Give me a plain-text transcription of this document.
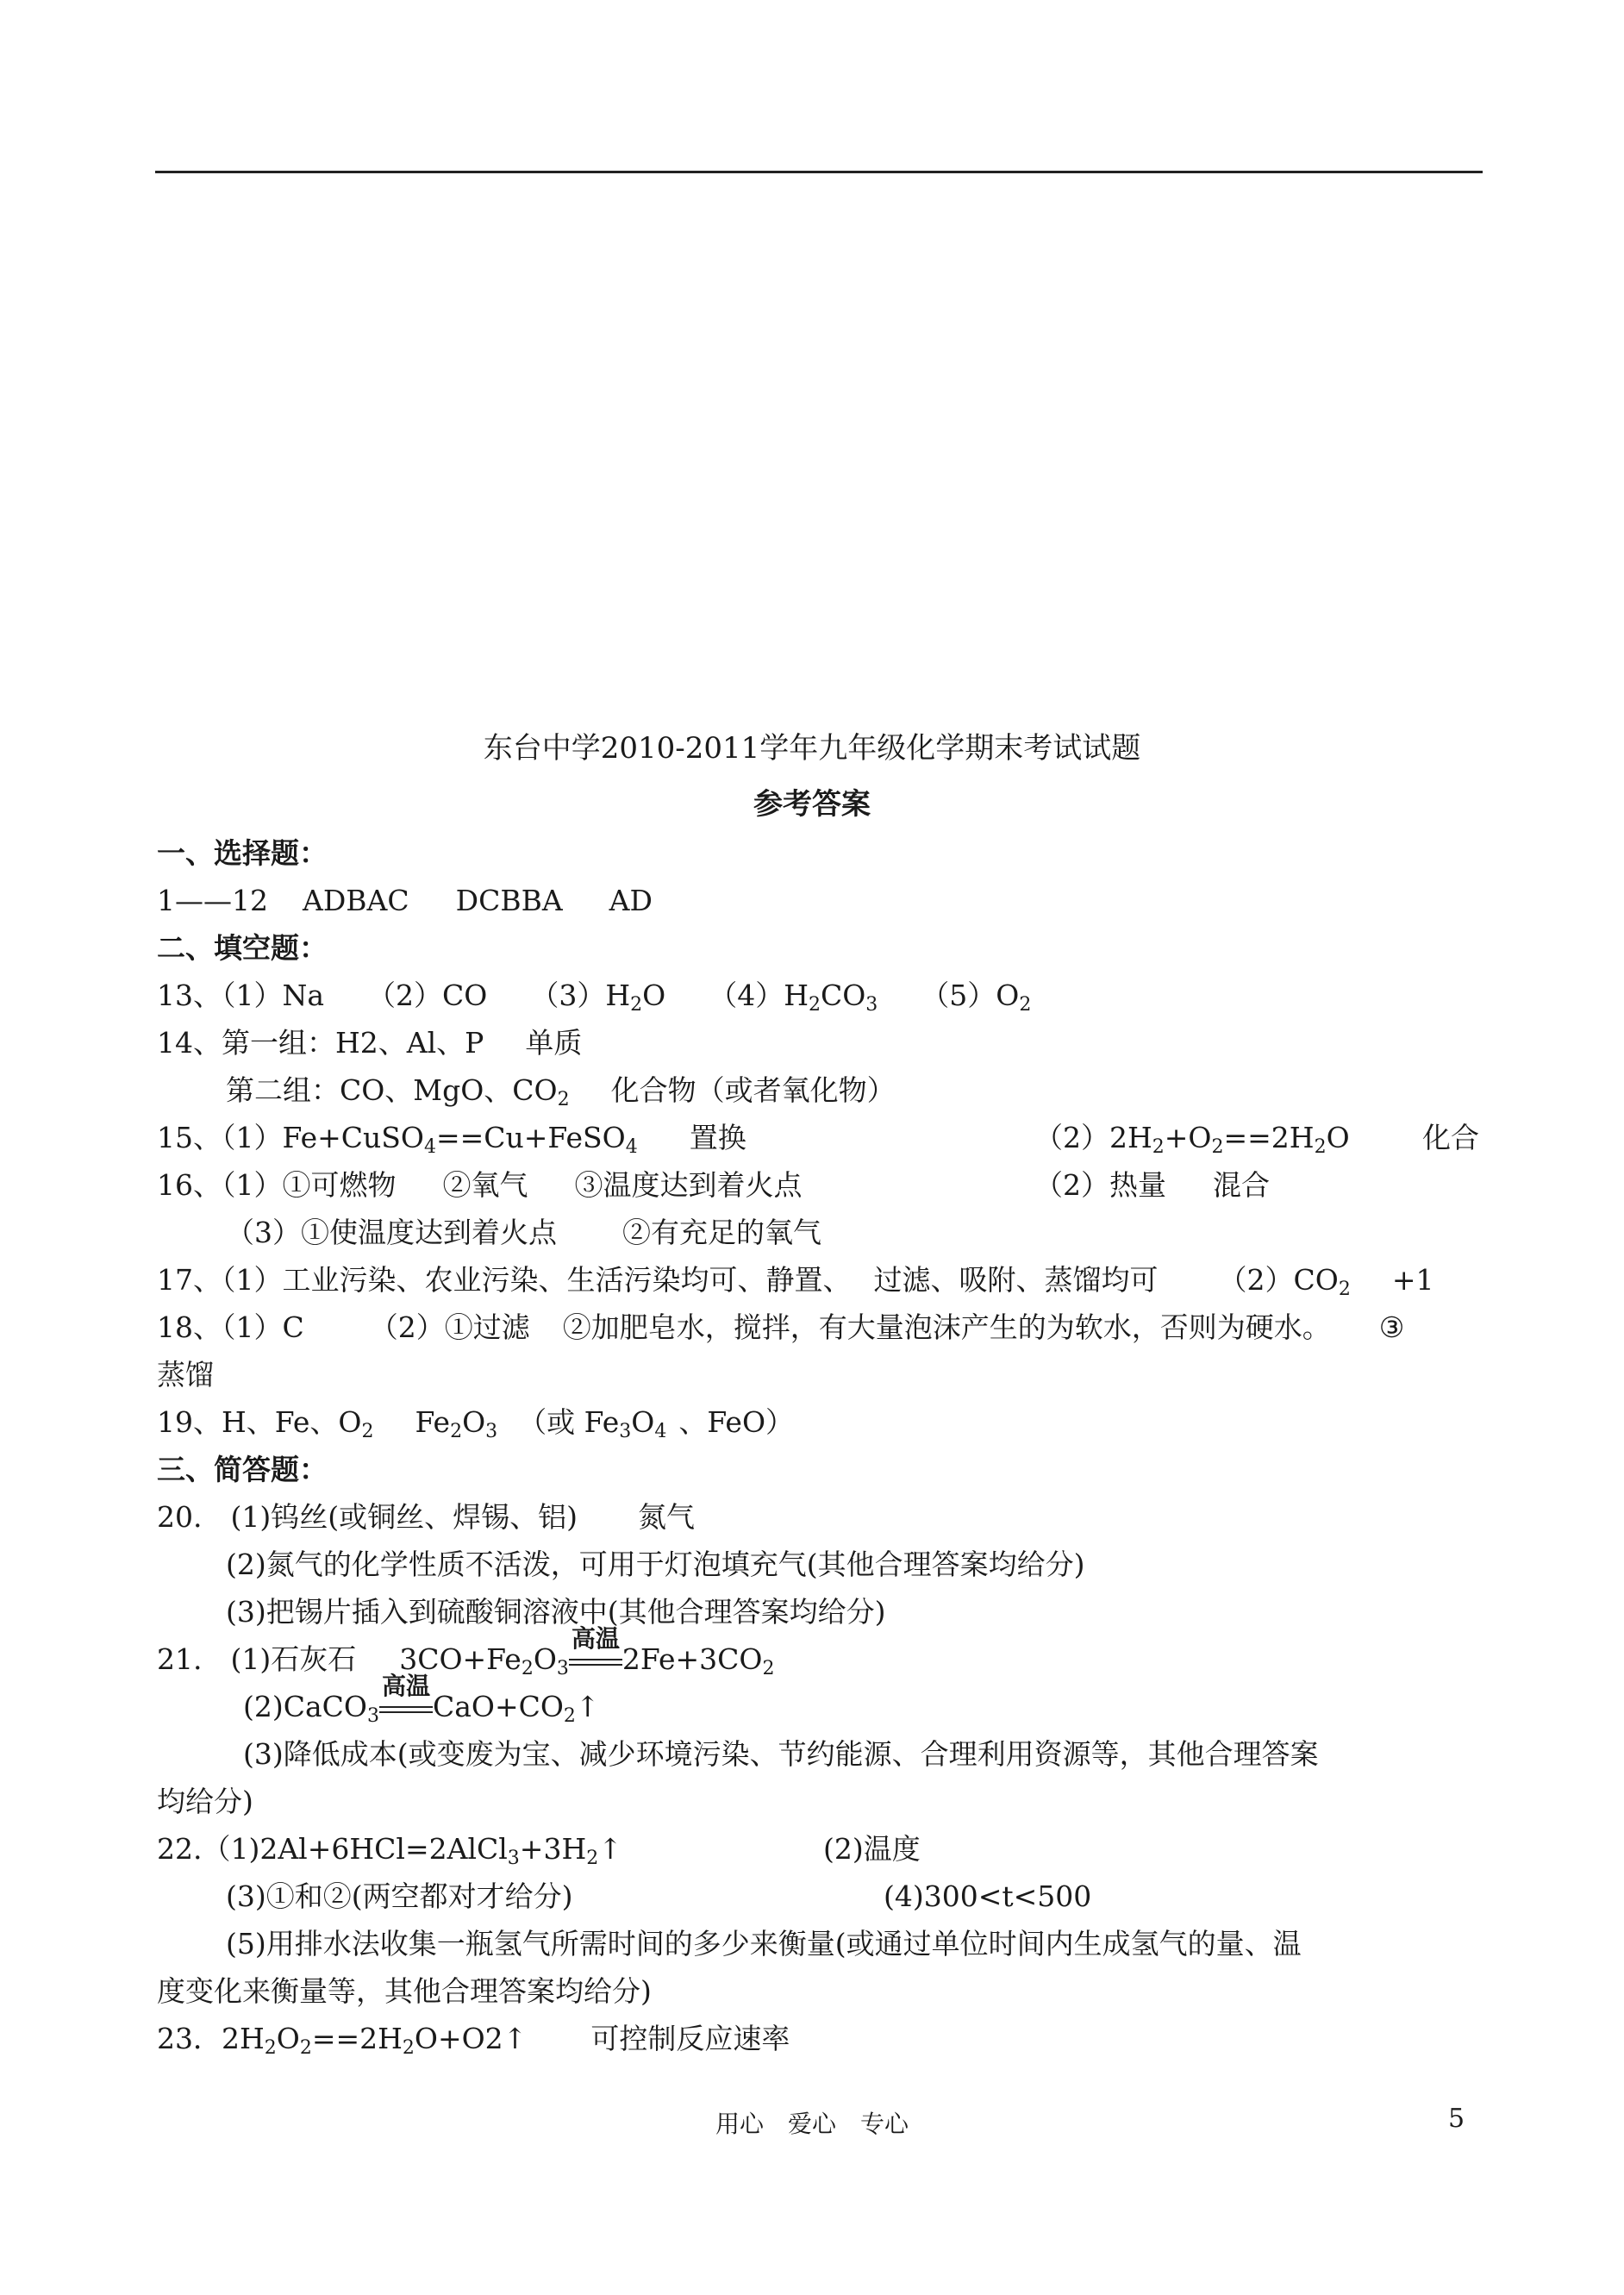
东台中学2010-2011学年九年级化学期末考试试题
参考答案
一、选择题：
1——12 ADBAC DCBBA AD
二、填空题：
13、（1）Na （2）CO $(3)H_2O$ $(4)H_2CO_3$ $(5)O_2$
14、第一组：H2、Al、P 单质
第二组：CO、MgO、$CO_2$ 化合物（或者氧化物）
15、（1）Fe+CuSO$_4$==Cu+FeSO$_4$ 置换	$(2)2H_2+O_2==2H_2O$	化合
16、（1）①可燃物 ②氧气 ③温度达到着火点	（2）热量 混合
（3）①使温度达到着火点 ②有充足的氧气
17、（1）工业污染、农业污染、生活污染均可、静置、 过滤、吸附、蒸馏均可 $(2)CO_2 +1$
18、（1）C （2）①过滤 ②加肥皂水，搅拌，有大量泡沫产生的为软水，否则为硬水。 ③
蒸馏
19、H、Fe、$O_2$ $Fe_2O_3$ （或 $Fe_3O_4$ 、FeO）
三、简答题：
20.　(1)钨丝(或铜丝、焊锡、铝) 氮气
(2)氮气的化学性质不活泼，可用于灯泡填充气(其他合理答案均给分)
(3)把锡片插入到硫酸铜溶液中(其他合理答案均给分)
21.　(1)石灰石 $3CO+Fe_2O_3$
高温
$2Fe+3CO_2$
(2)CaCO$_3$
高温
$CaO+CO_2↑$
(3)降低成本(或变废为宝、减少环境污染、节约能源、合理利用资源等，其他合理答案
均给分)
$22.(1)2Al+6HCl=2AlCl_3+3H_2↑$	(2)温度
(3)①和②(两空都对才给分)	(4)300<t<500
(5)用排水法收集一瓶氢气所需时间的多少来衡量(或通过单位时间内生成氢气的量、温
度变化来衡量等，其他合理答案均给分)
23．$2H_2O_2==2H_2O+O2↑$ 可控制反应速率
用心　爱心　专心	5
